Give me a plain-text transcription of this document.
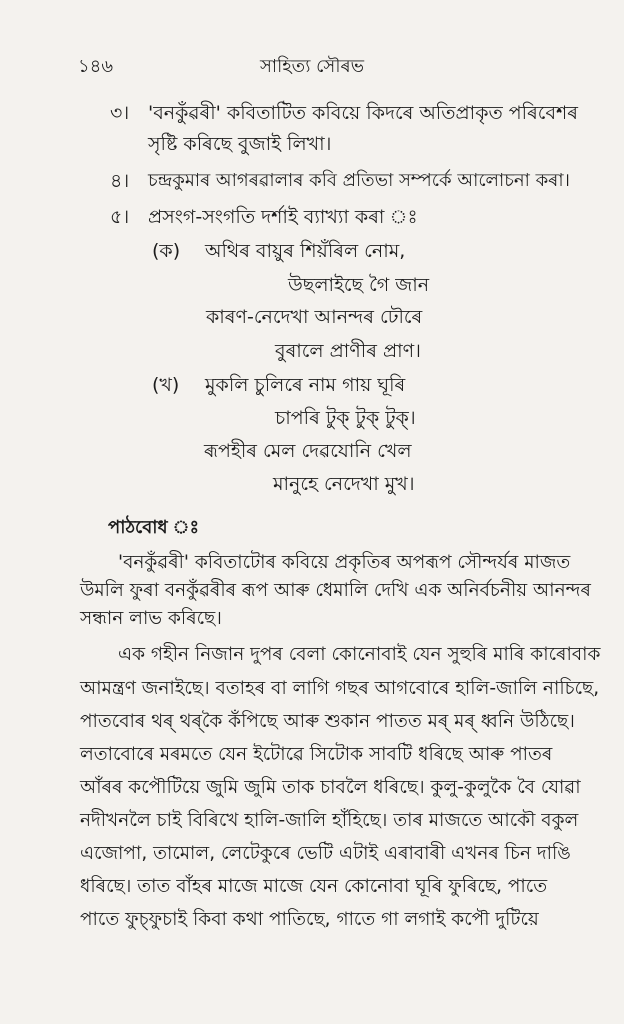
১৪৬	সাহিত্য সৌৰভ
৩। 'বনকুঁৱৰী' কবিতাটিত কবিয়ে কিদৰে অতিপ্ৰাকৃত পৰিবেশৰ
সৃষ্টি কৰিছে বুজাই লিখা।
৪। চন্দ্ৰকুমাৰ আগৰৱালাৰ কবি প্ৰতিভা সম্পৰ্কে আলোচনা কৰা।
৫। প্ৰসংগ-সংগতি দৰ্শাই ব্যাখ্যা কৰা ঃ
(ক) অথিৰ বায়ুৰ শিয়ঁৰিল নোম,
উছলাইছে গৈ জান
কাৰণ-নেদেখা আনন্দৰ ঢৌৰে
বুৰালে প্ৰাণীৰ প্ৰাণ।
(খ) মুকলি চুলিৰে নাম গায় ঘূৰি
চাপৰি টুক্ টুক্ টুক্।
ৰূপহীৰ মেল দেৱযোনি খেল
মানুহে নেদেখা মুখ।
পাঠবোধ ঃ
'বনকুঁৱৰী' কবিতাটোৰ কবিয়ে প্ৰকৃতিৰ অপৰূপ সৌন্দৰ্যৰ মাজত
উমলি ফুৰা বনকুঁৱৰীৰ ৰূপ আৰু ধেমালি দেখি এক অনিৰ্বচনীয় আনন্দৰ
সন্ধান লাভ কৰিছে।
এক গহীন নিজান দুপৰ বেলা কোনোবাই যেন সুহুৰি মাৰি কাৰোবাক
আমন্ত্ৰণ জনাইছে। বতাহৰ বা লাগি গছৰ আগবোৰে হালি-জালি নাচিছে,
পাতবোৰ থৰ্ থৰ্‌কৈ কঁপিছে আৰু শুকান পাতত মৰ্ মৰ্ ধ্বনি উঠিছে।
লতাবোৰে মৰমতে যেন ইটোৱে সিটোক সাবটি ধৰিছে আৰু পাতৰ
আঁৰৰ কপৌটিয়ে জুমি জুমি তাক চাবলৈ ধৰিছে। কুলু-কুলুকৈ বৈ যোৱা
নদীখনলৈ চাই বিৰিখে হালি-জালি হাঁহিছে। তাৰ মাজতে আকৌ বকুল
এজোপা, তামোল, লেটেকুৰে ভেটি এটাই এৰাবাৰী এখনৰ চিন দাঙি
ধৰিছে। তাত বাঁহৰ মাজে মাজে যেন কোনোবা ঘূৰি ফুৰিছে, পাতে
পাতে ফুচ্‌ফুচাই কিবা কথা পাতিছে, গাতে গা লগাই কপৌ দুটিয়ে
